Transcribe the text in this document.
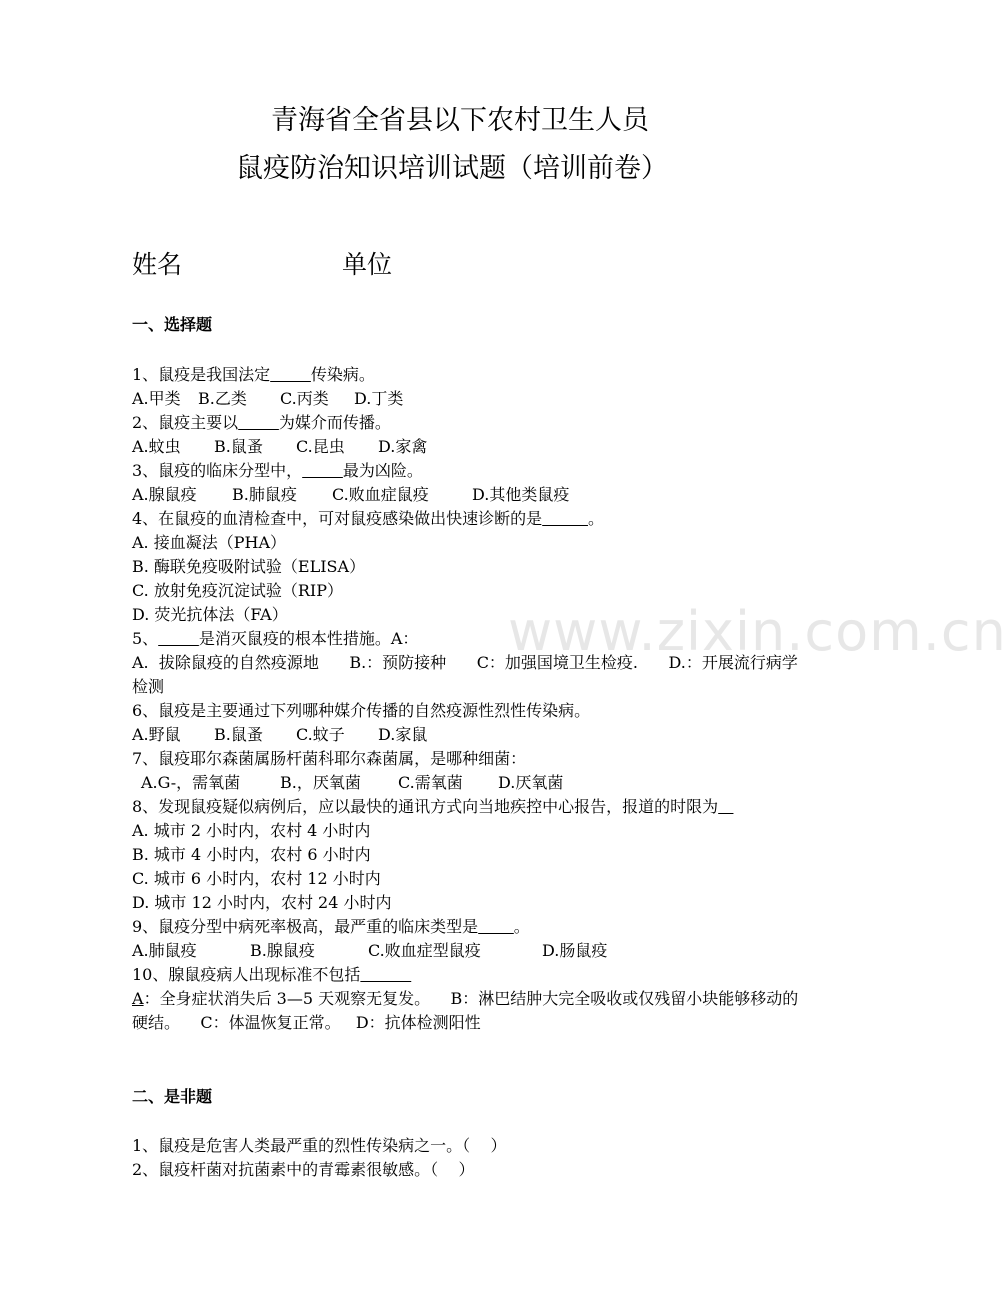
青海省全省县以下农村卫生人员
鼠疫防治知识培训试题（培训前卷）
姓名	单位
一、选择题
1、鼠疫是我国法定	传染病。
A.甲类 B.乙类 C.丙类 D.丁类
2、鼠疫主要以	为媒介而传播。
A.蚊虫 B.鼠蚤 C.昆虫 D.家禽
3、鼠疫的临床分型中，	最为凶险。
A.腺鼠疫 B.肺鼠疫 C.败血症鼠疫	D.其他类鼠疫
4、在鼠疫的血清检查中，可对鼠疫感染做出快速诊断的是	。
A. 接血凝法（PHA）
B. 酶联免疫吸附试验（ELISA）
C. 放射免疫沉淀试验（RIP）
D. 荧光抗体法（FA）
5、	是消灭鼠疫的根本性措施。A：
A.  拔除鼠疫的自然疫源地      B.：预防接种      C：加强国境卫生检疫.      D.：开展流行病学检测
6、鼠疫是主要通过下列哪种媒介传播的自然疫源性烈性传染病。
A.野鼠 B.鼠蚤 C.蚊子 D.家鼠
7、鼠疫耶尔森菌属肠杆菌科耶尔森菌属，是哪种细菌：
A.G-，需氧菌 B.，厌氧菌 C.需氧菌 D.厌氧菌
8、发现鼠疫疑似病例后，应以最快的通讯方式向当地疾控中心报告，报道的时限为
A. 城市 2 小时内，农村 4 小时内
B. 城市 4 小时内，农村 6 小时内
C. 城市 6 小时内，农村 12 小时内
D. 城市 12 小时内，农村 24 小时内
9、鼠疫分型中病死率极高，最严重的临床类型是 。
A.肺鼠疫	B.腺鼠疫	C.败血症型鼠疫	D.肠鼠疫
10、腺鼠疫病人出现标准不包括
A：全身症状消失后 3—5 天观察无复发。    B：淋巴结肿大完全吸收或仅残留小块能够移动的硬结。    C：体温恢复正常。   D：抗体检测阳性
二、是非题
1、鼠疫是危害人类最严重的烈性传染病之一。（    ）
2、鼠疫杆菌对抗菌素中的青霉素很敏感。（    ）
www.zixin.com.cn
